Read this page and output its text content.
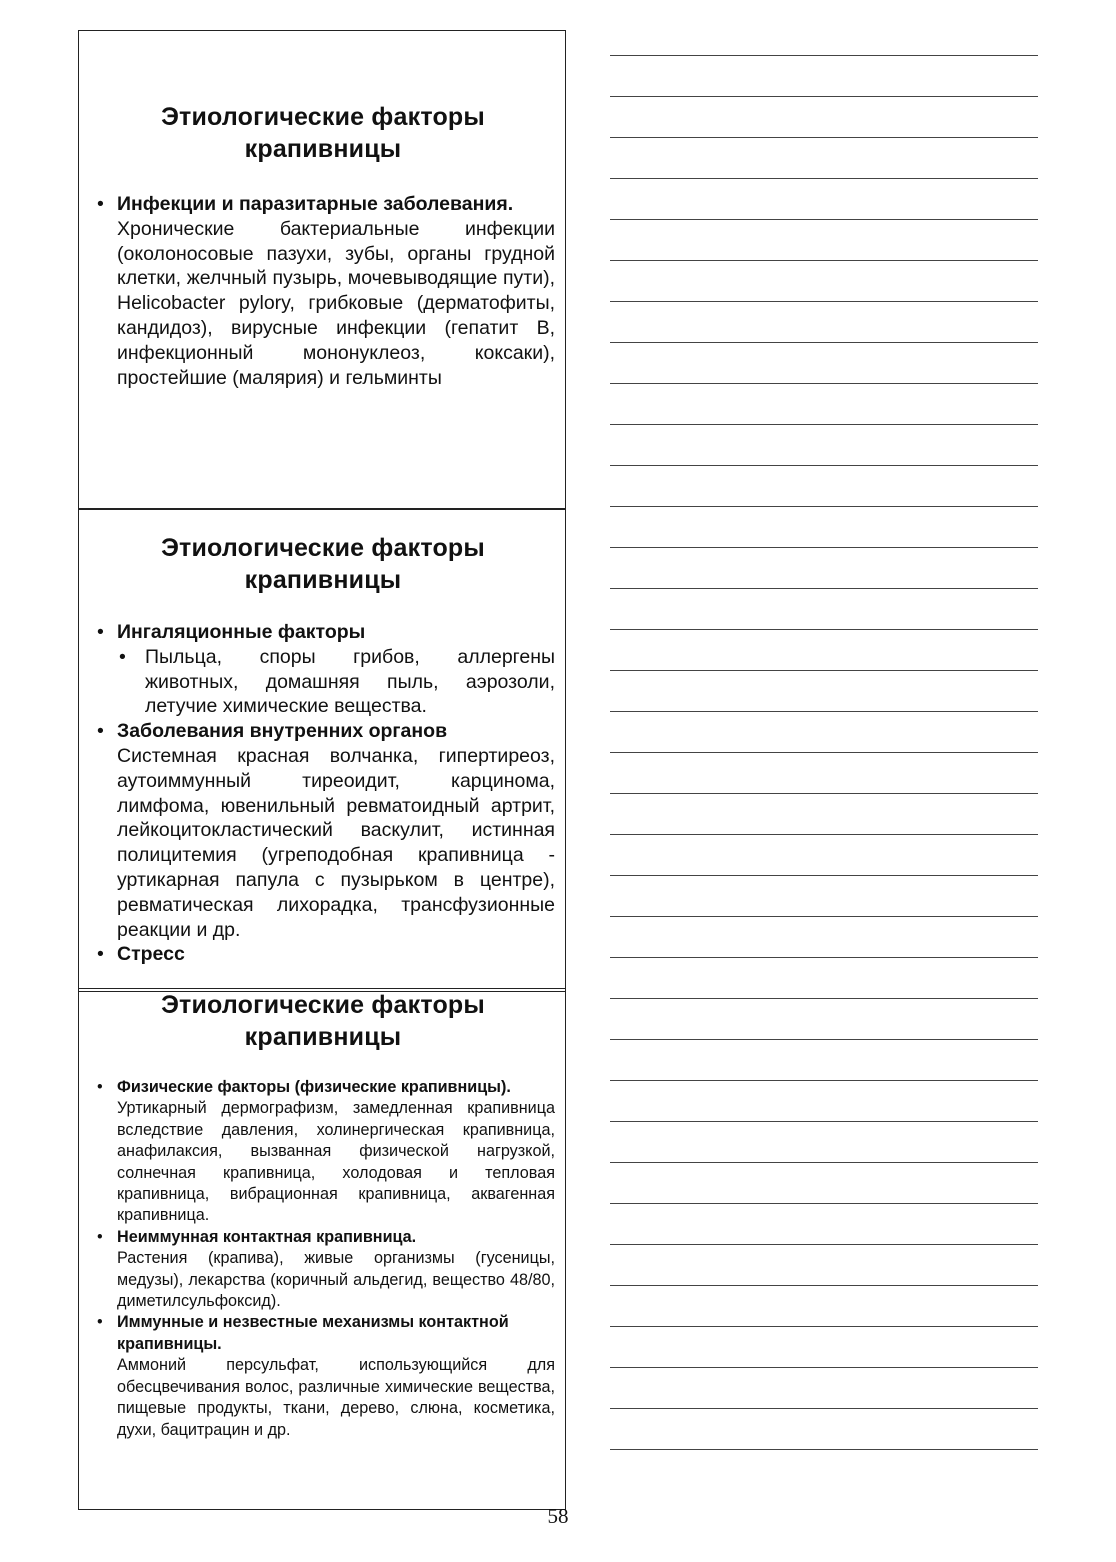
Этиологические факторы
крапивницы
• Инфекции и паразитарные заболевания.
Хронические бактериальные инфекции (околоносовые пазухи, зубы, органы грудной клетки, желчный пузырь, мочевыводящие пути), Helicobacter pylory, грибковые (дерматофиты, кандидоз), вирусные инфекции (гепатит В, инфекционный мононуклеоз, коксаки), простейшие (малярия) и гельминты
Этиологические факторы
крапивницы
• Ингаляционные факторы
• Пыльца, споры грибов, аллергены животных, домашняя пыль, аэрозоли, летучие химические вещества.
• Заболевания внутренних органов
Системная красная волчанка, гипертиреоз, аутоиммунный тиреоидит, карцинома, лимфома, ювенильный ревматоидный артрит, лейкоцитокластический васкулит, истинная полицитемия (угреподобная крапивница - уртикарная папула с пузырьком в центре), ревматическая лихорадка, трансфузионные реакции и др.
• Стресс
Этиологические факторы
крапивницы
• Физические факторы (физические крапивницы).
Уртикарный дермографизм, замедленная крапивница вследствие давления, холинергическая крапивница, анафилаксия, вызванная физической нагрузкой, солнечная крапивница, холодовая и тепловая крапивница, вибрационная крапивница, аквагенная крапивница.
• Неиммунная контактная крапивница.
Растения (крапива), живые организмы (гусеницы, медузы), лекарства (коричный альдегид, вещество 48/80, диметилсульфоксид).
• Иммунные и незвестные механизмы контактной крапивницы.
Аммоний персульфат, использующийся для обесцвечивания волос, различные химические вещества, пищевые продукты, ткани, дерево, слюна, косметика, духи, бацитрацин и др.
58
